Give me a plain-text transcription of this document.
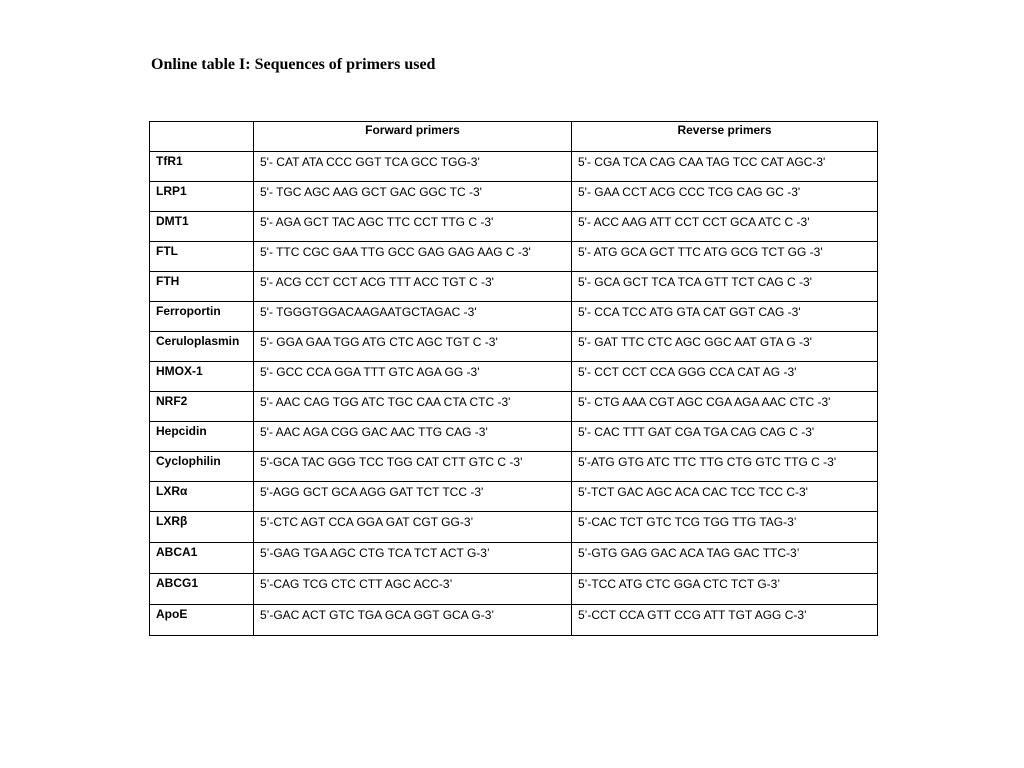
Online table I: Sequences of primers used
	Forward primers	Reverse primers
TfR1	5'- CAT ATA CCC GGT TCA GCC TGG-3'	5'- CGA TCA CAG CAA TAG TCC CAT AGC-3'
LRP1	5'- TGC AGC AAG GCT GAC GGC TC -3'	5'- GAA CCT ACG CCC TCG CAG GC -3'
DMT1	5'- AGA GCT TAC AGC TTC CCT TTG C -3'	5'- ACC AAG ATT CCT CCT GCA ATC C -3'
FTL	5'- TTC CGC GAA TTG GCC GAG GAG AAG C -3'	5'- ATG GCA GCT TTC ATG GCG TCT GG -3'
FTH	5'- ACG CCT CCT ACG TTT ACC TGT C -3'	5'- GCA GCT TCA TCA GTT TCT CAG C -3'
Ferroportin	5'- TGGGTGGACAAGAATGCTAGAC -3'	5'- CCA TCC ATG GTA CAT GGT CAG -3'
Ceruloplasmin	5'- GGA GAA TGG ATG CTC AGC TGT C -3'	5'- GAT TTC CTC AGC GGC AAT GTA G -3'
HMOX-1	5'- GCC CCA GGA TTT GTC AGA GG -3'	5'- CCT CCT CCA GGG CCA CAT AG -3'
NRF2	5'- AAC CAG TGG ATC TGC CAA CTA CTC -3'	5'- CTG AAA CGT AGC CGA AGA AAC CTC -3'
Hepcidin	5'- AAC AGA CGG GAC AAC TTG CAG -3'	5'- CAC TTT GAT CGA TGA CAG CAG C -3'
Cyclophilin	5'-GCA TAC GGG TCC TGG CAT CTT GTC C -3'	5'-ATG GTG ATC TTC TTG CTG GTC TTG C -3'
LXRα	5'-AGG GCT GCA AGG GAT TCT TCC -3'	5'-TCT GAC AGC ACA CAC TCC TCC C-3'
LXRβ	5’-CTC AGT CCA GGA GAT CGT GG-3’	5’-CAC TCT GTC TCG TGG TTG TAG-3’
ABCA1	5’-GAG TGA AGC CTG TCA TCT ACT G-3’	5’-GTG GAG GAC ACA TAG GAC TTC-3’
ABCG1	5’-CAG TCG CTC CTT AGC ACC-3’	5’-TCC ATG CTC GGA CTC TCT G-3’
ApoE	5’-GAC ACT GTC TGA GCA GGT GCA G-3’	5’-CCT CCA GTT CCG ATT TGT AGG C-3’
